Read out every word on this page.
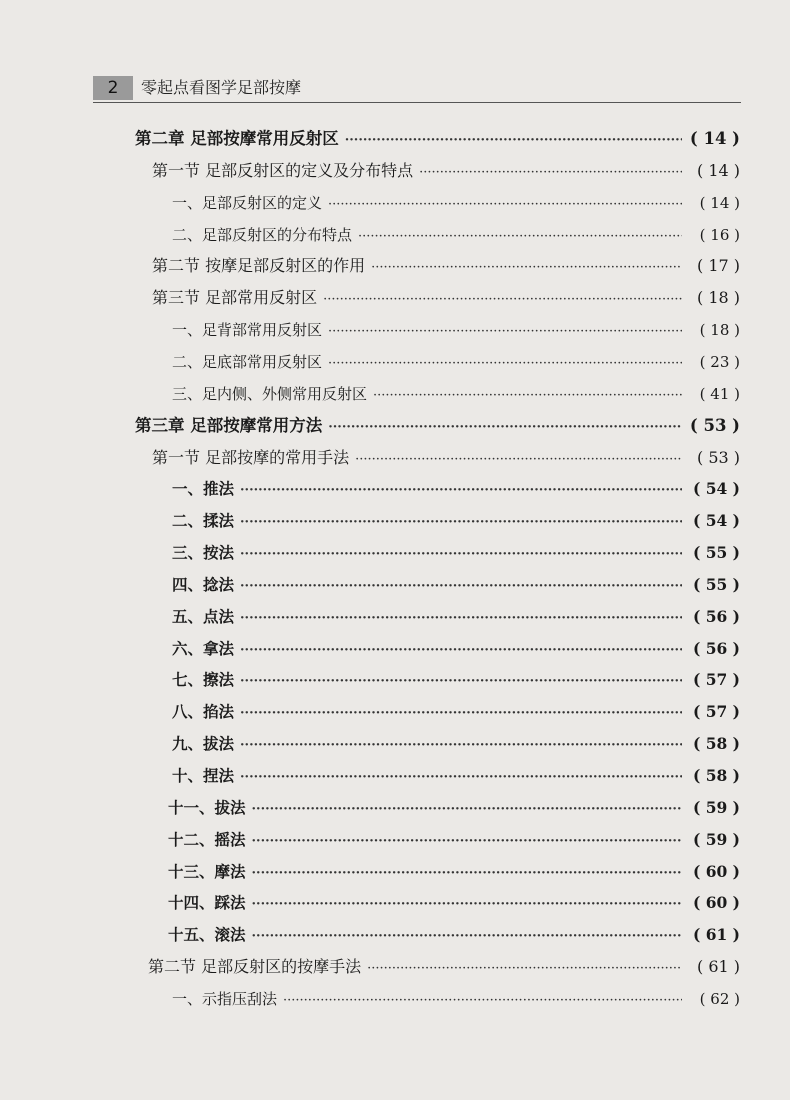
2	零起点看图学足部按摩
第二章 足部按摩常用反射区 ·····	( 14 )
第一节 足部反射区的定义及分布特点 ·····	( 14 )
一、足部反射区的定义 ·····	( 14 )
二、足部反射区的分布特点 ·····	( 16 )
第二节 按摩足部反射区的作用 ·····	( 17 )
第三节 足部常用反射区 ·····	( 18 )
一、足背部常用反射区 ·····	( 18 )
二、足底部常用反射区 ·····	( 23 )
三、足内侧、外侧常用反射区 ·····	( 41 )
第三章 足部按摩常用方法 ·····	( 53 )
第一节 足部按摩的常用手法 ·····	( 53 )
一、推法 ·····	( 54 )
二、揉法 ·····	( 54 )
三、按法 ·····	( 55 )
四、捻法 ·····	( 55 )
五、点法 ·····	( 56 )
六、拿法 ·····	( 56 )
七、擦法 ·····	( 57 )
八、掐法 ·····	( 57 )
九、拔法 ·····	( 58 )
十、捏法 ·····	( 58 )
十一、拔法 ·····	( 59 )
十二、摇法 ·····	( 59 )
十三、摩法 ·····	( 60 )
十四、踩法 ·····	( 60 )
十五、滚法 ·····	( 61 )
第二节 足部反射区的按摩手法 ·····	( 61 )
一、示指压刮法 ·····	( 62 )
